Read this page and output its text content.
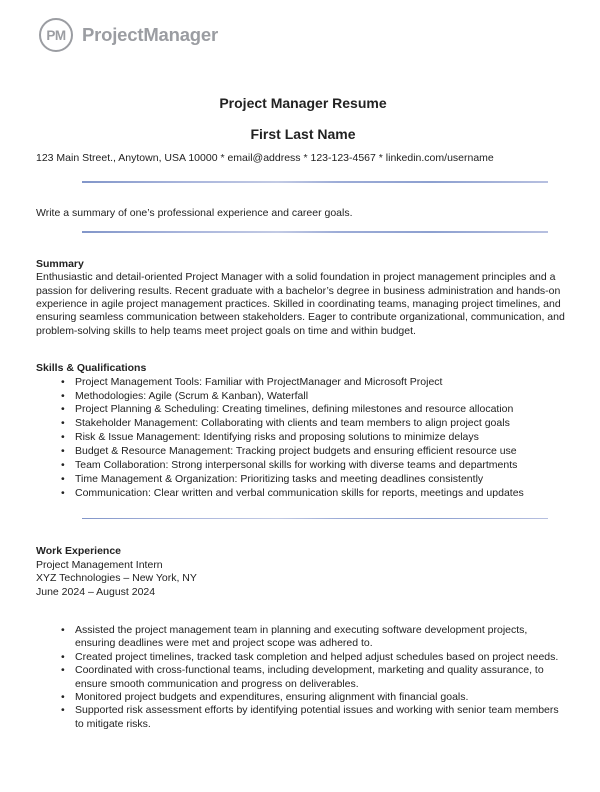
PM ProjectManager
Project Manager Resume
First Last Name
123 Main Street., Anytown, USA 10000 * email@address * 123-123-4567 * linkedin.com/username
Write a summary of one’s professional experience and career goals.
Summary
Enthusiastic and detail-oriented Project Manager with a solid foundation in project management principles and a passion for delivering results. Recent graduate with a bachelor’s degree in business administration and hands-on experience in agile project management practices. Skilled in coordinating teams, managing project timelines, and ensuring seamless communication between stakeholders. Eager to contribute organizational, communication, and problem-solving skills to help teams meet project goals on time and within budget.
Skills & Qualifications
• Project Management Tools: Familiar with ProjectManager and Microsoft Project
• Methodologies: Agile (Scrum & Kanban), Waterfall
• Project Planning & Scheduling: Creating timelines, defining milestones and resource allocation
• Stakeholder Management: Collaborating with clients and team members to align project goals
• Risk & Issue Management: Identifying risks and proposing solutions to minimize delays
• Budget & Resource Management: Tracking project budgets and ensuring efficient resource use
• Team Collaboration: Strong interpersonal skills for working with diverse teams and departments
• Time Management & Organization: Prioritizing tasks and meeting deadlines consistently
• Communication: Clear written and verbal communication skills for reports, meetings and updates
Work Experience
Project Management Intern
XYZ Technologies – New York, NY
June 2024 – August 2024
• Assisted the project management team in planning and executing software development projects, ensuring deadlines were met and project scope was adhered to.
• Created project timelines, tracked task completion and helped adjust schedules based on project needs.
• Coordinated with cross-functional teams, including development, marketing and quality assurance, to ensure smooth communication and progress on deliverables.
• Monitored project budgets and expenditures, ensuring alignment with financial goals.
• Supported risk assessment efforts by identifying potential issues and working with senior team members to mitigate risks.
